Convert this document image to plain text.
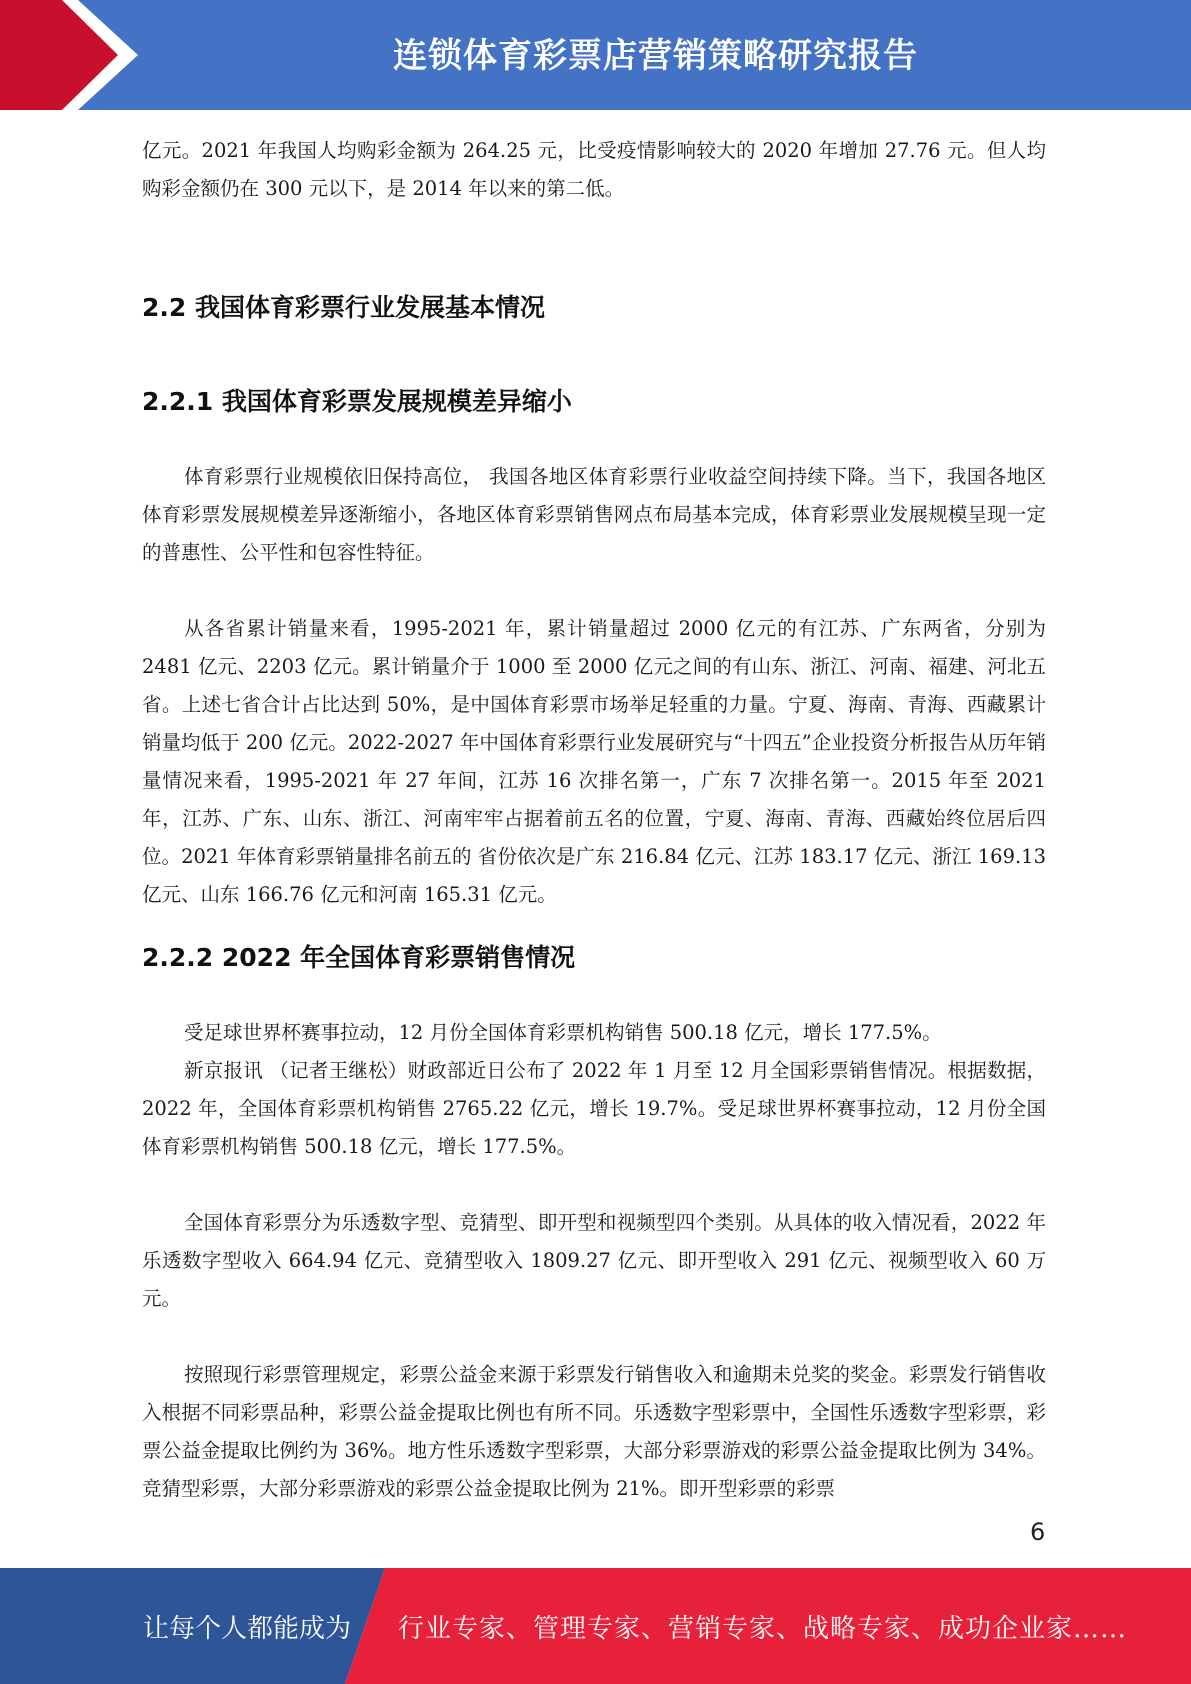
连锁体育彩票店营销策略研究报告

亿元。2021 年我国人均购彩金额为 264.25 元，比受疫情影响较大的 2020 年增加 27.76 元。但人均购彩金额仍在 300 元以下，是 2014 年以来的第二低。

2.2 我国体育彩票行业发展基本情况
2.2.1 我国体育彩票发展规模差异缩小

体育彩票行业规模依旧保持高位， 我国各地区体育彩票行业收益空间持续下降。当下，我国各地区体育彩票发展规模差异逐渐缩小，各地区体育彩票销售网点布局基本完成，体育彩票业发展规模呈现一定的普惠性、公平性和包容性特征。

从各省累计销量来看，1995-2021 年，累计销量超过 2000 亿元的有江苏、广东两省，分别为 2481 亿元、2203 亿元。累计销量介于 1000 至 2000 亿元之间的有山东、浙江、河南、福建、河北五省。上述七省合计占比达到 50%，是中国体育彩票市场举足轻重的力量。宁夏、海南、青海、西藏累计销量均低于 200 亿元。2022-2027 年中国体育彩票行业发展研究与“十四五”企业投资分析报告从历年销量情况来看，1995-2021 年 27 年间，江苏 16 次排名第一，广东 7 次排名第一。2015 年至 2021 年，江苏、广东、山东、浙江、河南牢牢占据着前五名的位置，宁夏、海南、青海、西藏始终位居后四位。2021 年体育彩票销量排名前五的 省份依次是广东 216.84 亿元、江苏 183.17 亿元、浙江 169.13 亿元、山东 166.76 亿元和河南 165.31 亿元。

2.2.2 2022 年全国体育彩票销售情况

受足球世界杯赛事拉动，12 月份全国体育彩票机构销售 500.18 亿元，增长 177.5%。

新京报讯 （记者王继松）财政部近日公布了 2022 年 1 月至 12 月全国彩票销售情况。根据数据，2022 年，全国体育彩票机构销售 2765.22 亿元，增长 19.7%。受足球世界杯赛事拉动，12 月份全国体育彩票机构销售 500.18 亿元，增长 177.5%。

全国体育彩票分为乐透数字型、竞猜型、即开型和视频型四个类别。从具体的收入情况看，2022 年乐透数字型收入 664.94 亿元、竞猜型收入 1809.27 亿元、即开型收入 291 亿元、视频型收入 60 万元。

按照现行彩票管理规定，彩票公益金来源于彩票发行销售收入和逾期未兑奖的奖金。彩票发行销售收入根据不同彩票品种，彩票公益金提取比例也有所不同。乐透数字型彩票中，全国性乐透数字型彩票，彩票公益金提取比例约为 36%。地方性乐透数字型彩票，大部分彩票游戏的彩票公益金提取比例为 34%。竞猜型彩票，大部分彩票游戏的彩票公益金提取比例为 21%。即开型彩票的彩票

6
让每个人都能成为 行业专家、管理专家、营销专家、战略专家、成功企业家……
